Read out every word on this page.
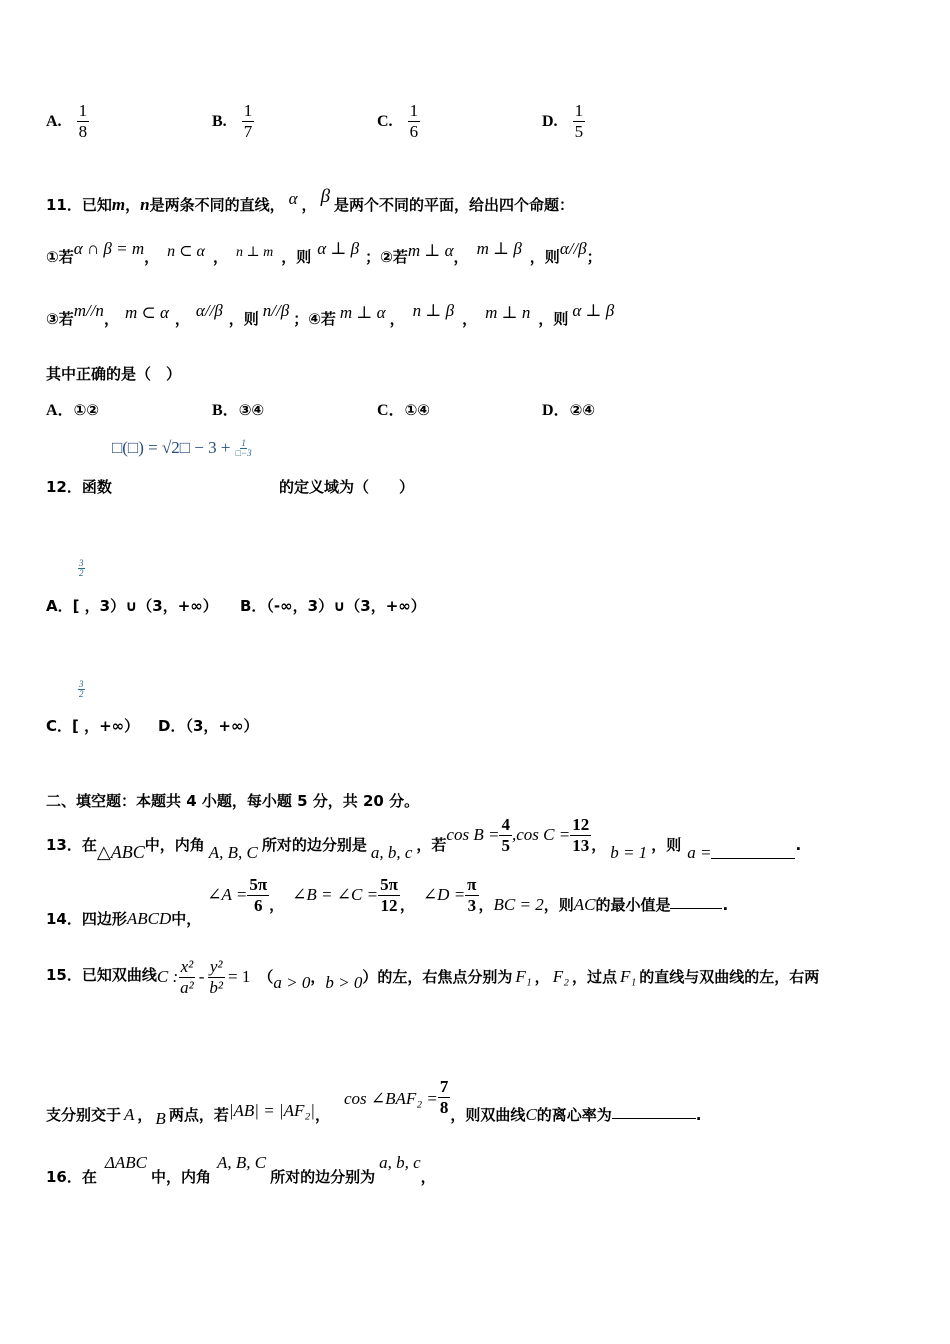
A. $\frac{1}{8}$	B. $\frac{1}{7}$	C. $\frac{1}{6}$	D. $\frac{1}{5}$
11．已知m，n是两条不同的直线， α ， β 是两个不同的平面，给出四个命题：
①若α ∩ β = m， n ⊂ α ， n ⊥ m ，则 α ⊥ β ；②若m ⊥ α， m ⊥ β ，则α//β；
③若m//n， m ⊂ α ， α//β ，则 n//β ；④若 m ⊥ α ， n ⊥ β ， m ⊥ n ，则 α ⊥ β
其中正确的是（　）
A．①②	B．③④	C．①④	D．②④
□(□) = √2□ − $3 + \frac{1}{□-3}$
12．函数	的定义域为（　　）
3
2
A．[ ，3）∪（3，+∞） B．（-∞，3）∪（3，+∞）
3
2
C．[ ，+∞） D．（3，+∞）
二、填空题：本题共 4 小题，每小题 5 分，共 20 分。
13．在△ABC中，内角 A, B, C 所对的边分别是 a, b, c ，若$\cos B = \frac{4}{5} ,\cos$ $C = \frac{12}{13}$ ， b = 1 ，则 a =	.
14．四边形ABCD中，∠A = $\frac{5\pi}{6}$ ，∠B = ∠C = $\frac{5\pi}{12}$ ，∠D = $\frac{\pi}{3}$ ，BC = 2，则AC的最小值是	.
15．已知双曲线C : $\frac{\text{x²}}{\text{a²}} - \frac{\text{y²}}{\text{b²}} = 1$ （a > 0，b > 0）的左，右焦点分别为 F₁ ， F₂ ，过点 F₁ 的直线与双曲线的左，右两
支分别交于 A ， B 两点，若|AB| = |AF₂|，cos ∠BAF₂ = $\frac{7}{8}$ ，则双曲线C的离心率为	.
16．在ΔABC中，内角A, B, C所对的边分别为a, b, c，
